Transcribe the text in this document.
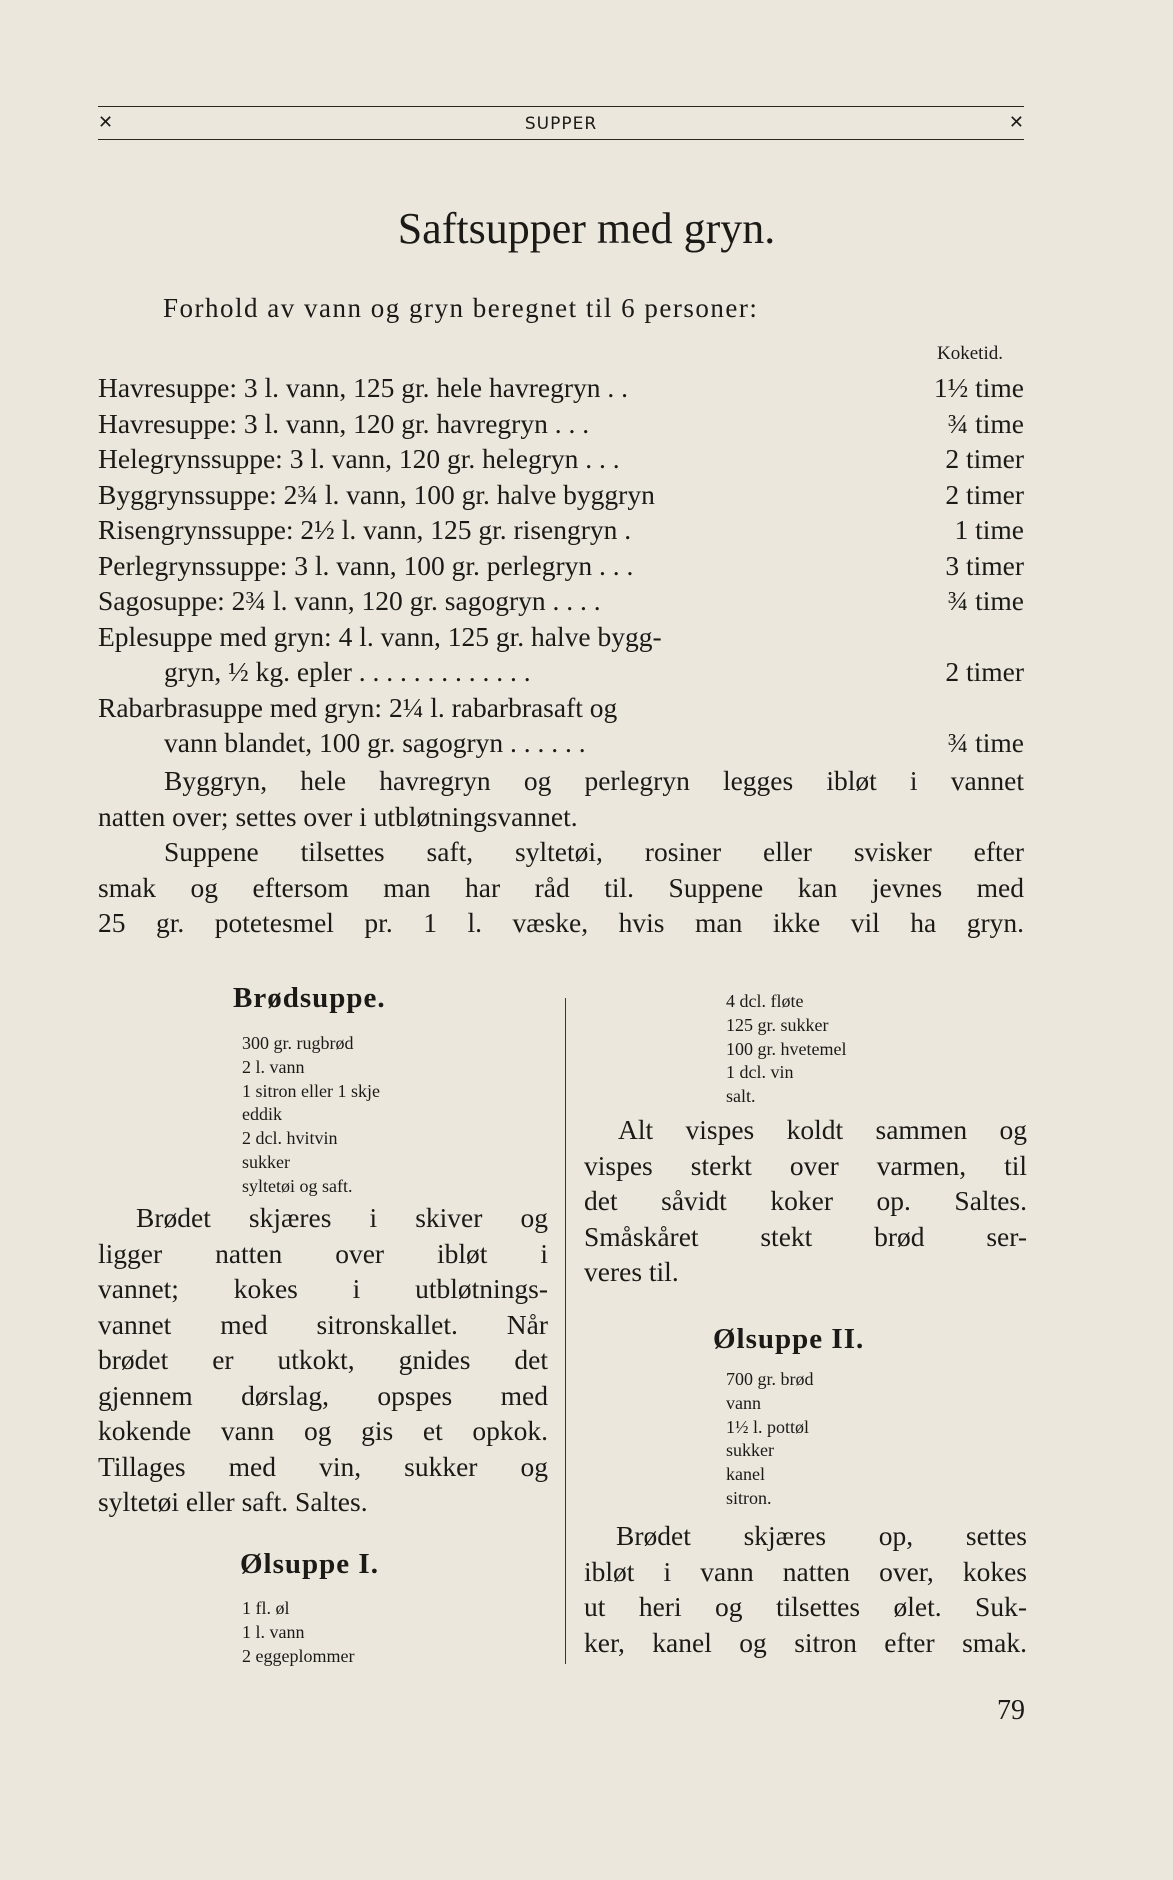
✕	SUPPER	✕
Saftsupper med gryn.
Forhold av vann og gryn beregnet til 6 personer:
Koketid.
Havresuppe: 3 l. vann, 125 gr. hele havregryn . .	1½ time
Havresuppe: 3 l. vann, 120 gr. havregryn . . .	¾ time
Helegrynssuppe: 3 l. vann, 120 gr. helegryn . . .	2 timer
Byggrynssuppe: 2¾ l. vann, 100 gr. halve byggryn	2 timer
Risengrynssuppe: 2½ l. vann, 125 gr. risengryn .	1 time
Perlegrynssuppe: 3 l. vann, 100 gr. perlegryn . . .	3 timer
Sagosuppe: 2¾ l. vann, 120 gr. sagogryn . . . .	¾ time
Eplesuppe med gryn: 4 l. vann, 125 gr. halve bygg-
gryn, ½ kg. epler . . . . . . . . . . . . .	2 timer
Rabarbrasuppe med gryn: 2¼ l. rabarbrasaft og
vann blandet, 100 gr. sagogryn . . . . . .	¾ time
Byggryn, hele havregryn og perlegryn legges ibløt i vannet
natten over; settes over i utbløtningsvannet.
Suppene tilsettes saft, syltetøi, rosiner eller svisker efter
smak og eftersom man har råd til. Suppene kan jevnes med
25 gr. potetesmel pr. 1 l. væske, hvis man ikke vil ha gryn.
Brødsuppe.
300 gr. rugbrød
2 l. vann
1 sitron eller 1 skje
eddik
2 dcl. hvitvin
sukker
syltetøi og saft.
Brødet skjæres i skiver og
ligger natten over ibløt i
vannet; kokes i utbløtnings-
vannet med sitronskallet. Når
brødet er utkokt, gnides det
gjennem dørslag, opspes med
kokende vann og gis et opkok.
Tillages med vin, sukker og
syltetøi eller saft. Saltes.
Ølsuppe I.
1 fl. øl
1 l. vann
2 eggeplommer
4 dcl. fløte
125 gr. sukker
100 gr. hvetemel
1 dcl. vin
salt.
Alt vispes koldt sammen og
vispes sterkt over varmen, til
det såvidt koker op. Saltes.
Småskåret stekt brød ser-
veres til.
Ølsuppe II.
700 gr. brød
vann
1½ l. pottøl
sukker
kanel
sitron.
Brødet skjæres op, settes
ibløt i vann natten over, kokes
ut heri og tilsettes ølet. Suk-
ker, kanel og sitron efter smak.
79
